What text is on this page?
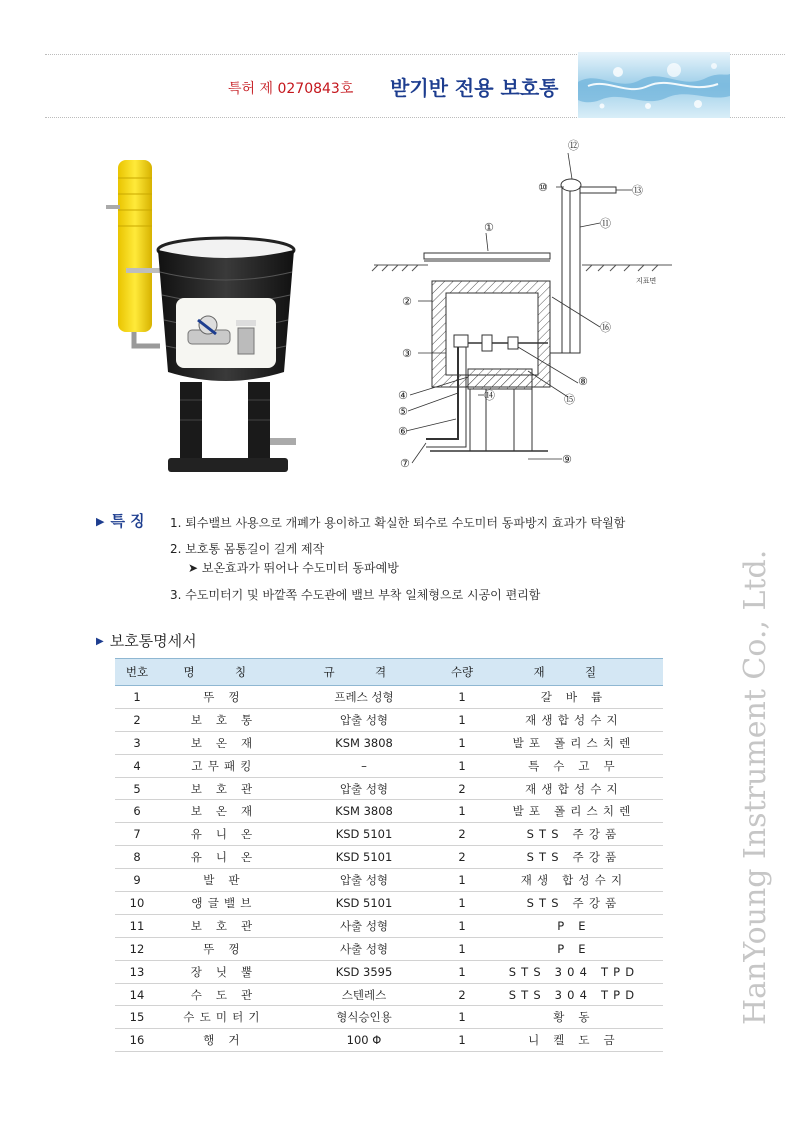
특허 제 0270843호 받기반 전용 보호통
①
②
③
④
⑤
⑥
⑦
⑧
⑨
⑩
⑪
⑫
⑬
⑭	⑮
⑯
지표면
HanYoung Instrument Co., Ltd.
▶ 특 징 1. 퇴수밸브 사용으로 개폐가 용이하고 확실한 퇴수로 수도미터 동파방지 효과가 탁월함
2. 보호통 몸통길이 길게 제작
➤ 보온효과가 뛰어나 수도미터 동파예방
3. 수도미터기 및 바깥쪽 수도관에 밸브 부착 일체형으로 시공이 편리함
▶ 보호통명세서
번호	명 칭	규 격	수량	재 질
1	뚜 껑	프레스 성형	1	갈 바 륨
2	보 호 통	압출 성형	1	재생합성수지
3	보 온 재	KSM 3808	1	발포 폴리스치렌
4	고무패킹	–	1	특 수 고 무
5	보 호 관	압출 성형	2	재생합성수지
6	보 온 재	KSM 3808	1	발포 폴리스치렌
7	유 니 온	KSD 5101	2	STS 주강품
8	유 니 온	KSD 5101	2	STS 주강품
9	발 판	압출 성형	1	재생 합성수지
10	앵글밸브	KSD 5101	1	STS 주강품
11	보 호 관	사출 성형	1	P E
12	뚜 껑	사출 성형	1	P E
13	장 닛 뿔	KSD 3595	1	STS 304 TPD
14	수 도 관	스텐레스	2	STS 304 TPD
15	수도미터기	형식승인용	1	황 동
16	행 거	100 Φ	1	니 켈 도 금
